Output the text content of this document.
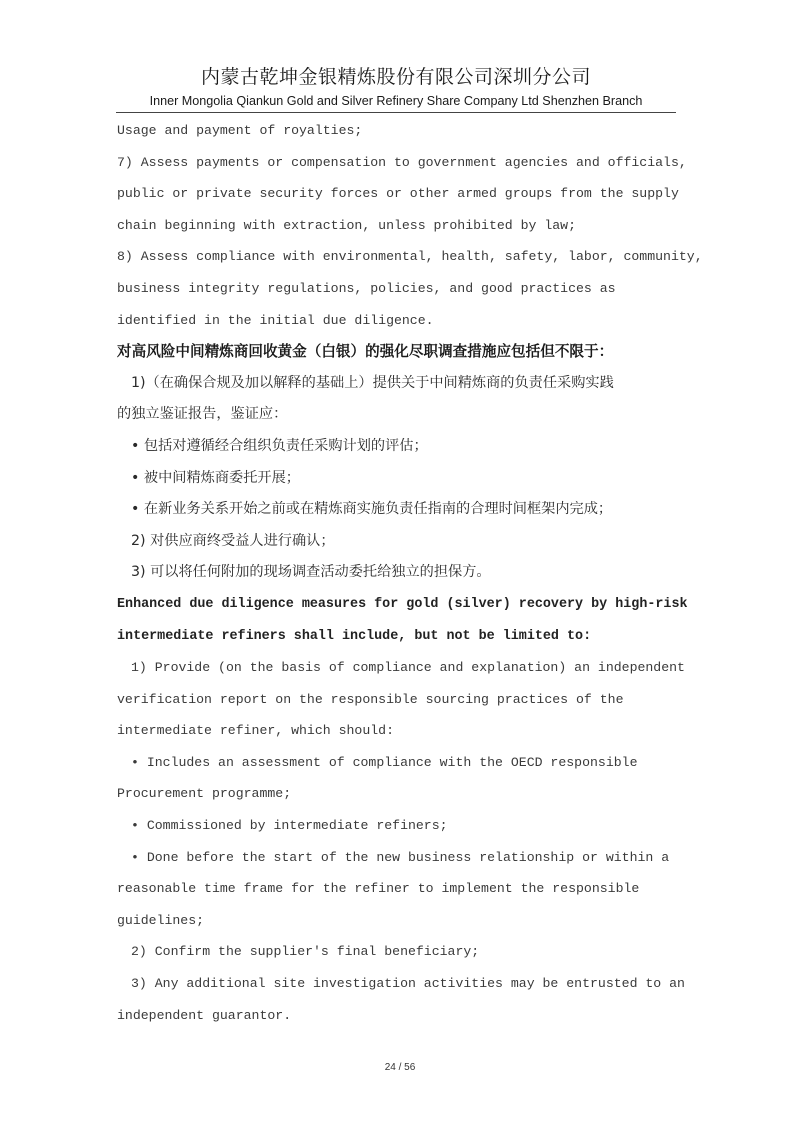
内蒙古乾坤金银精炼股份有限公司深圳分公司
Inner Mongolia Qiankun Gold and Silver Refinery Share Company Ltd Shenzhen Branch
Usage and payment of royalties;
7) Assess payments or compensation to government agencies and officials,
public or private security forces or other armed groups from the supply
chain beginning with extraction, unless prohibited by law;
8) Assess compliance with environmental, health, safety, labor, community,
business integrity regulations, policies, and good practices as
identified in the initial due diligence.
对高风险中间精炼商回收黄金（白银）的强化尽职调查措施应包括但不限于：
1)（在确保合规及加以解释的基础上）提供关于中间精炼商的负责任采购实践
的独立鉴证报告，鉴证应：
• 包括对遵循经合组织负责任采购计划的评估；
• 被中间精炼商委托开展；
• 在新业务关系开始之前或在精炼商实施负责任指南的合理时间框架内完成；
2) 对供应商终受益人进行确认；
3) 可以将任何附加的现场调查活动委托给独立的担保方。
Enhanced due diligence measures for gold (silver) recovery by high-risk
intermediate refiners shall include, but not be limited to:
1) Provide (on the basis of compliance and explanation) an independent
verification report on the responsible sourcing practices of the
intermediate refiner, which should:
• Includes an assessment of compliance with the OECD responsible
Procurement programme;
• Commissioned by intermediate refiners;
• Done before the start of the new business relationship or within a
reasonable time frame for the refiner to implement the responsible
guidelines;
2) Confirm the supplier's final beneficiary;
3) Any additional site investigation activities may be entrusted to an
independent guarantor.
24 / 56
